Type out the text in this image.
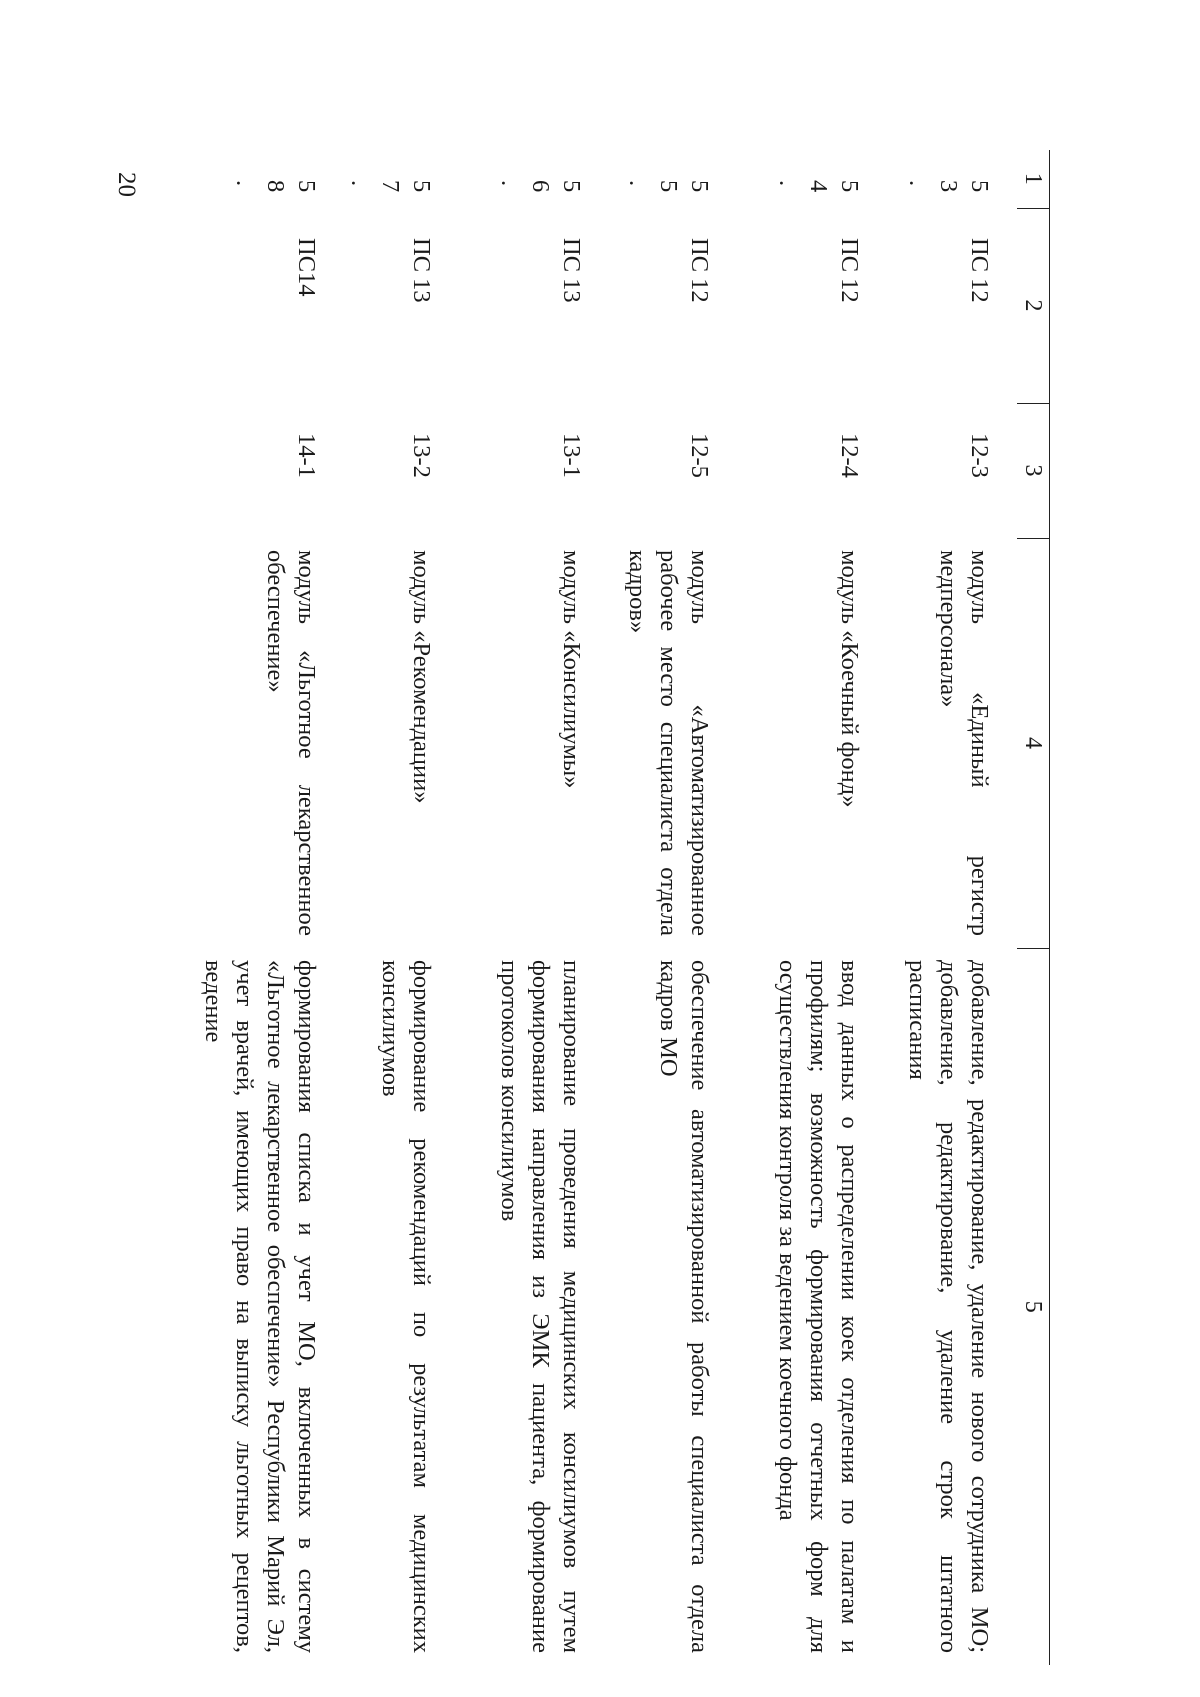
20	1	2	3	4	5
53.	ПС 12	12-3	модуль «Единый регистр медперсонала»	добавление, редактирование, удаление нового сотрудника МО; добавление, редактирование, удаление строк штатного расписания
54.	ПС 12	12-4	модуль «Коечный фонд»	ввод данных о распределении коек отделения по палатам и профилям; возможность формирования отчетных форм для осуществления контроля за ведением коечного фонда
55.	ПС 12	12-5	модуль «Автоматизированное рабочее место специалиста отдела кадров»	обеспечение автоматизированной работы специалиста отдела кадров МО
56.	ПС 13	13-1	модуль «Консилиумы»	планирование проведения медицинских консилиумов путем формирования направления из ЭМК пациента, формирование протоколов консилиумов
57.	ПС 13	13-2	модуль «Рекомендации»	формирование рекомендаций по результатам медицинских консилиумов
58.	ПС14	14-1	модуль «Льготное лекарственное обеспечение»	формирования списка и учет МО, включенных в систему «Льготное лекарственное обеспечение» Республики Марий Эл, учет врачей, имеющих право на выписку льготных рецептов, ведение
